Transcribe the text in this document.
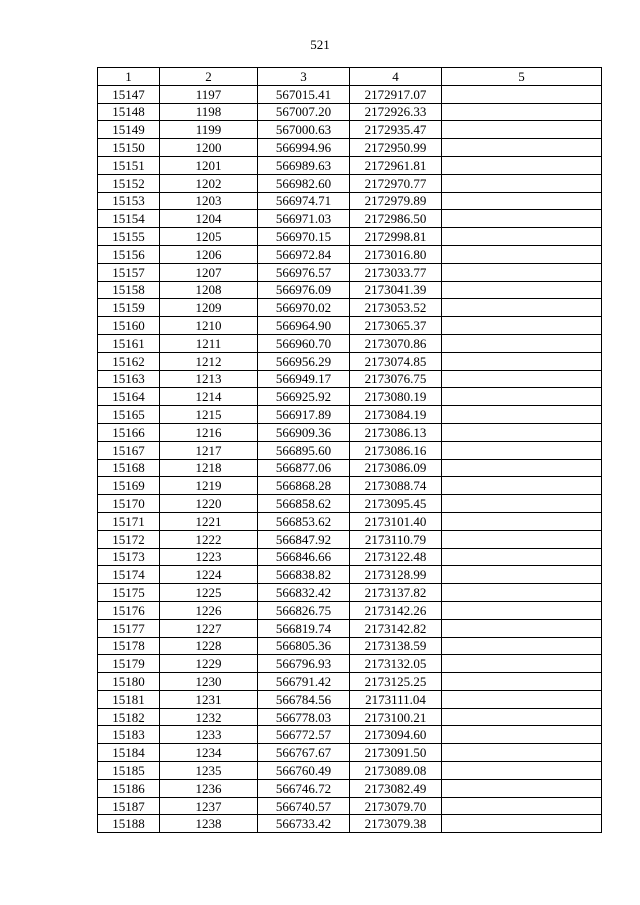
521
1	2	3	4	5
15147	1197	567015.41	2172917.07	
15148	1198	567007.20	2172926.33	
15149	1199	567000.63	2172935.47	
15150	1200	566994.96	2172950.99	
15151	1201	566989.63	2172961.81	
15152	1202	566982.60	2172970.77	
15153	1203	566974.71	2172979.89	
15154	1204	566971.03	2172986.50	
15155	1205	566970.15	2172998.81	
15156	1206	566972.84	2173016.80	
15157	1207	566976.57	2173033.77	
15158	1208	566976.09	2173041.39	
15159	1209	566970.02	2173053.52	
15160	1210	566964.90	2173065.37	
15161	1211	566960.70	2173070.86	
15162	1212	566956.29	2173074.85	
15163	1213	566949.17	2173076.75	
15164	1214	566925.92	2173080.19	
15165	1215	566917.89	2173084.19	
15166	1216	566909.36	2173086.13	
15167	1217	566895.60	2173086.16	
15168	1218	566877.06	2173086.09	
15169	1219	566868.28	2173088.74	
15170	1220	566858.62	2173095.45	
15171	1221	566853.62	2173101.40	
15172	1222	566847.92	2173110.79	
15173	1223	566846.66	2173122.48	
15174	1224	566838.82	2173128.99	
15175	1225	566832.42	2173137.82	
15176	1226	566826.75	2173142.26	
15177	1227	566819.74	2173142.82	
15178	1228	566805.36	2173138.59	
15179	1229	566796.93	2173132.05	
15180	1230	566791.42	2173125.25	
15181	1231	566784.56	2173111.04	
15182	1232	566778.03	2173100.21	
15183	1233	566772.57	2173094.60	
15184	1234	566767.67	2173091.50	
15185	1235	566760.49	2173089.08	
15186	1236	566746.72	2173082.49	
15187	1237	566740.57	2173079.70	
15188	1238	566733.42	2173079.38	
